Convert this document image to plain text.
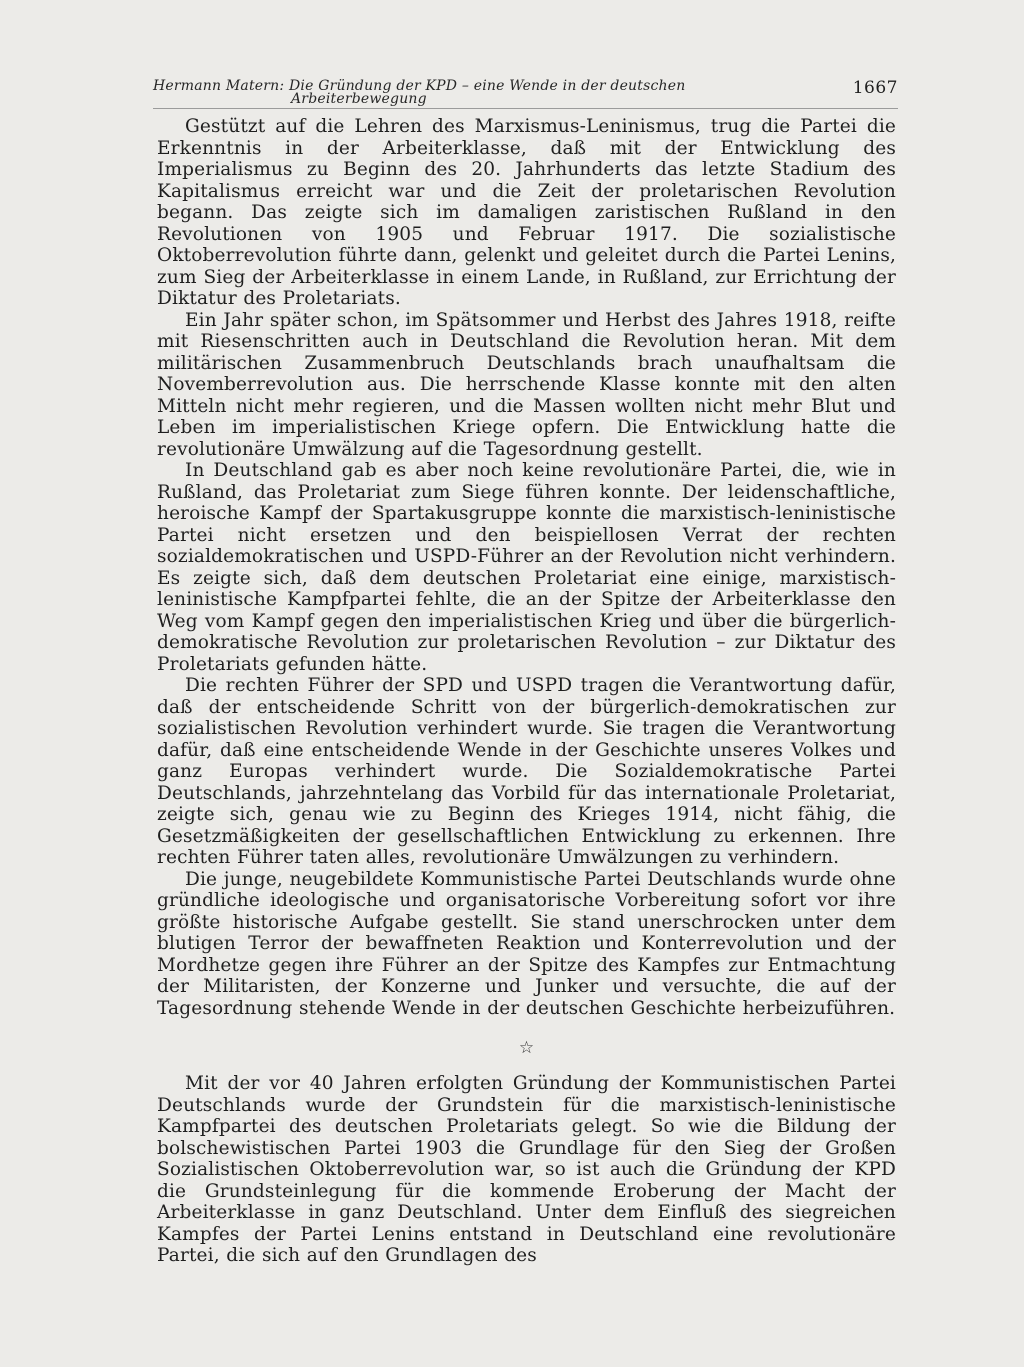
Hermann Matern: Die Gründung der KPD – eine Wende in der deutschen
Arbeiterbewegung
1667

Gestützt auf die Lehren des Marxismus-Leninismus, trug die Partei die Erkenntnis in der Arbeiterklasse, daß mit der Entwicklung des Imperialismus zu Beginn des 20. Jahrhunderts das letzte Stadium des Kapitalismus erreicht war und die Zeit der proletarischen Revolution begann. Das zeigte sich im damaligen zaristischen Rußland in den Revolutionen von 1905 und Februar 1917. Die sozialistische Oktoberrevolution führte dann, gelenkt und geleitet durch die Partei Lenins, zum Sieg der Arbeiterklasse in einem Lande, in Rußland, zur Errichtung der Diktatur des Proletariats.

Ein Jahr später schon, im Spätsommer und Herbst des Jahres 1918, reifte mit Riesenschritten auch in Deutschland die Revolution heran. Mit dem militärischen Zusammenbruch Deutschlands brach unaufhaltsam die Novemberrevolution aus. Die herrschende Klasse konnte mit den alten Mitteln nicht mehr regieren, und die Massen wollten nicht mehr Blut und Leben im imperialistischen Kriege opfern. Die Entwicklung hatte die revolutionäre Umwälzung auf die Tagesordnung gestellt.

In Deutschland gab es aber noch keine revolutionäre Partei, die, wie in Rußland, das Proletariat zum Siege führen konnte. Der leidenschaftliche, heroische Kampf der Spartakusgruppe konnte die marxistisch-leninistische Partei nicht ersetzen und den beispiellosen Verrat der rechten sozialdemokratischen und USPD-Führer an der Revolution nicht verhindern. Es zeigte sich, daß dem deutschen Proletariat eine einige, marxistisch-leninistische Kampfpartei fehlte, die an der Spitze der Arbeiterklasse den Weg vom Kampf gegen den imperialistischen Krieg und über die bürgerlich-demokratische Revolution zur proletarischen Revolution – zur Diktatur des Proletariats gefunden hätte.

Die rechten Führer der SPD und USPD tragen die Verantwortung dafür, daß der entscheidende Schritt von der bürgerlich-demokratischen zur sozialistischen Revolution verhindert wurde. Sie tragen die Verantwortung dafür, daß eine entscheidende Wende in der Geschichte unseres Volkes und ganz Europas verhindert wurde. Die Sozialdemokratische Partei Deutschlands, jahrzehntelang das Vorbild für das internationale Proletariat, zeigte sich, genau wie zu Beginn des Krieges 1914, nicht fähig, die Gesetzmäßigkeiten der gesellschaftlichen Entwicklung zu erkennen. Ihre rechten Führer taten alles, revolutionäre Umwälzungen zu verhindern.

Die junge, neugebildete Kommunistische Partei Deutschlands wurde ohne gründliche ideologische und organisatorische Vorbereitung sofort vor ihre größte historische Aufgabe gestellt. Sie stand unerschrocken unter dem blutigen Terror der bewaffneten Reaktion und Konterrevolution und der Mordhetze gegen ihre Führer an der Spitze des Kampfes zur Entmachtung der Militaristen, der Konzerne und Junker und versuchte, die auf der Tagesordnung stehende Wende in der deutschen Geschichte herbeizuführen.

☆

Mit der vor 40 Jahren erfolgten Gründung der Kommunistischen Partei Deutschlands wurde der Grundstein für die marxistisch-leninistische Kampfpartei des deutschen Proletariats gelegt. So wie die Bildung der bolschewistischen Partei 1903 die Grundlage für den Sieg der Großen Sozialistischen Oktoberrevolution war, so ist auch die Gründung der KPD die Grundsteinlegung für die kommende Eroberung der Macht der Arbeiterklasse in ganz Deutschland. Unter dem Einfluß des siegreichen Kampfes der Partei Lenins entstand in Deutschland eine revolutionäre Partei, die sich auf den Grundlagen des
